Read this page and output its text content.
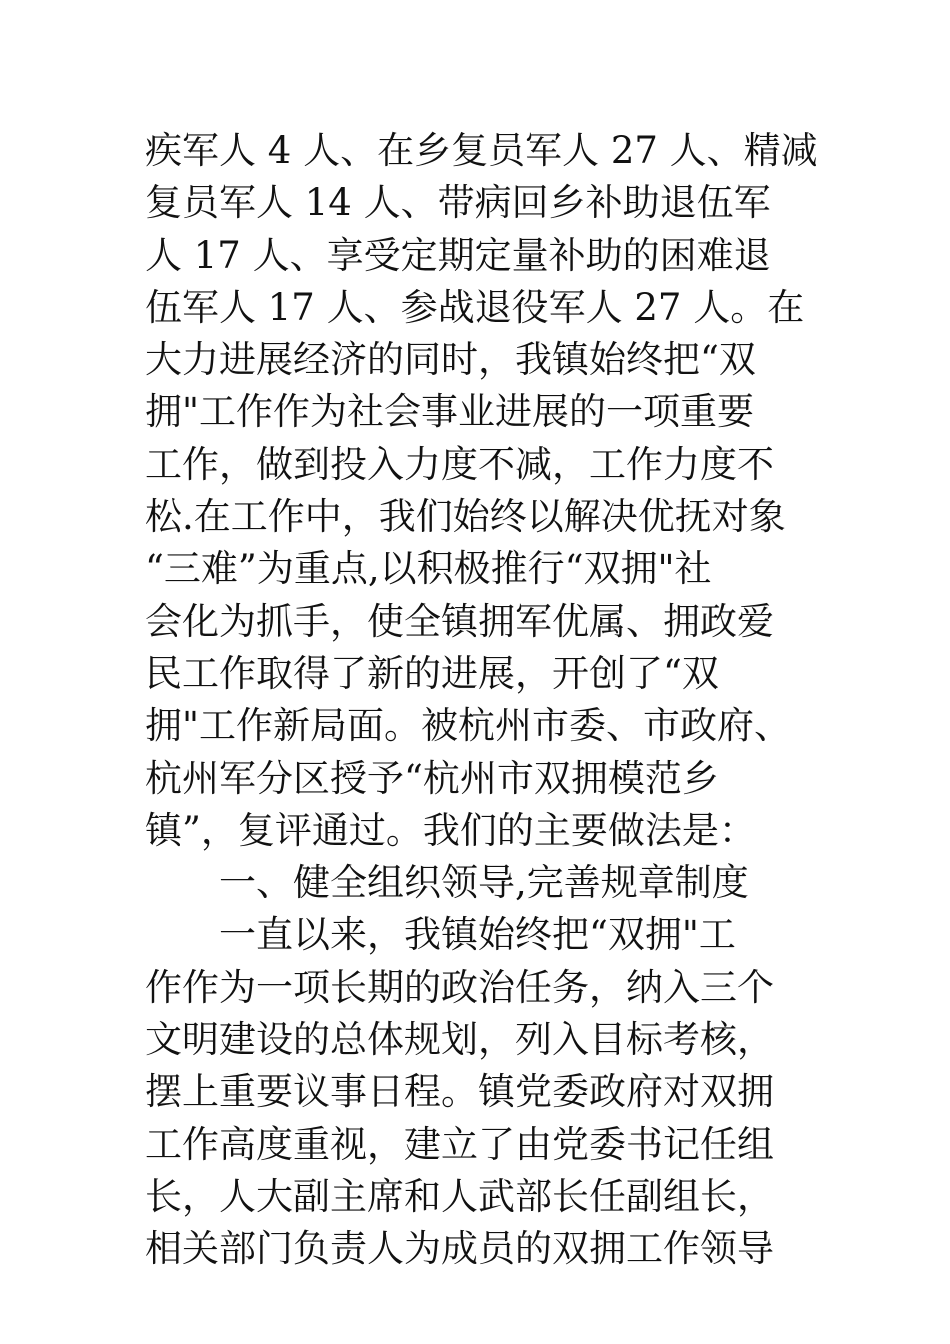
疾军人 4 人、在乡复员军人 27 人、精减
复员军人 14 人、带病回乡补助退伍军
人 17 人、享受定期定量补助的困难退
伍军人 17 人、参战退役军人 27 人。在
大力进展经济的同时，我镇始终把“双
拥"工作作为社会事业进展的一项重要
工作，做到投入力度不减，工作力度不
松.在工作中，我们始终以解决优抚对象
“三难”为重点,以积极推行“双拥"社
会化为抓手，使全镇拥军优属、拥政爱
民工作取得了新的进展，开创了“双
拥"工作新局面。被杭州市委、市政府、
杭州军分区授予“杭州市双拥模范乡
镇”，复评通过。我们的主要做法是：
一、健全组织领导,完善规章制度
一直以来，我镇始终把“双拥"工
作作为一项长期的政治任务，纳入三个
文明建设的总体规划，列入目标考核，
摆上重要议事日程。镇党委政府对双拥
工作高度重视，建立了由党委书记任组
长，人大副主席和人武部长任副组长，
相关部门负责人为成员的双拥工作领导
